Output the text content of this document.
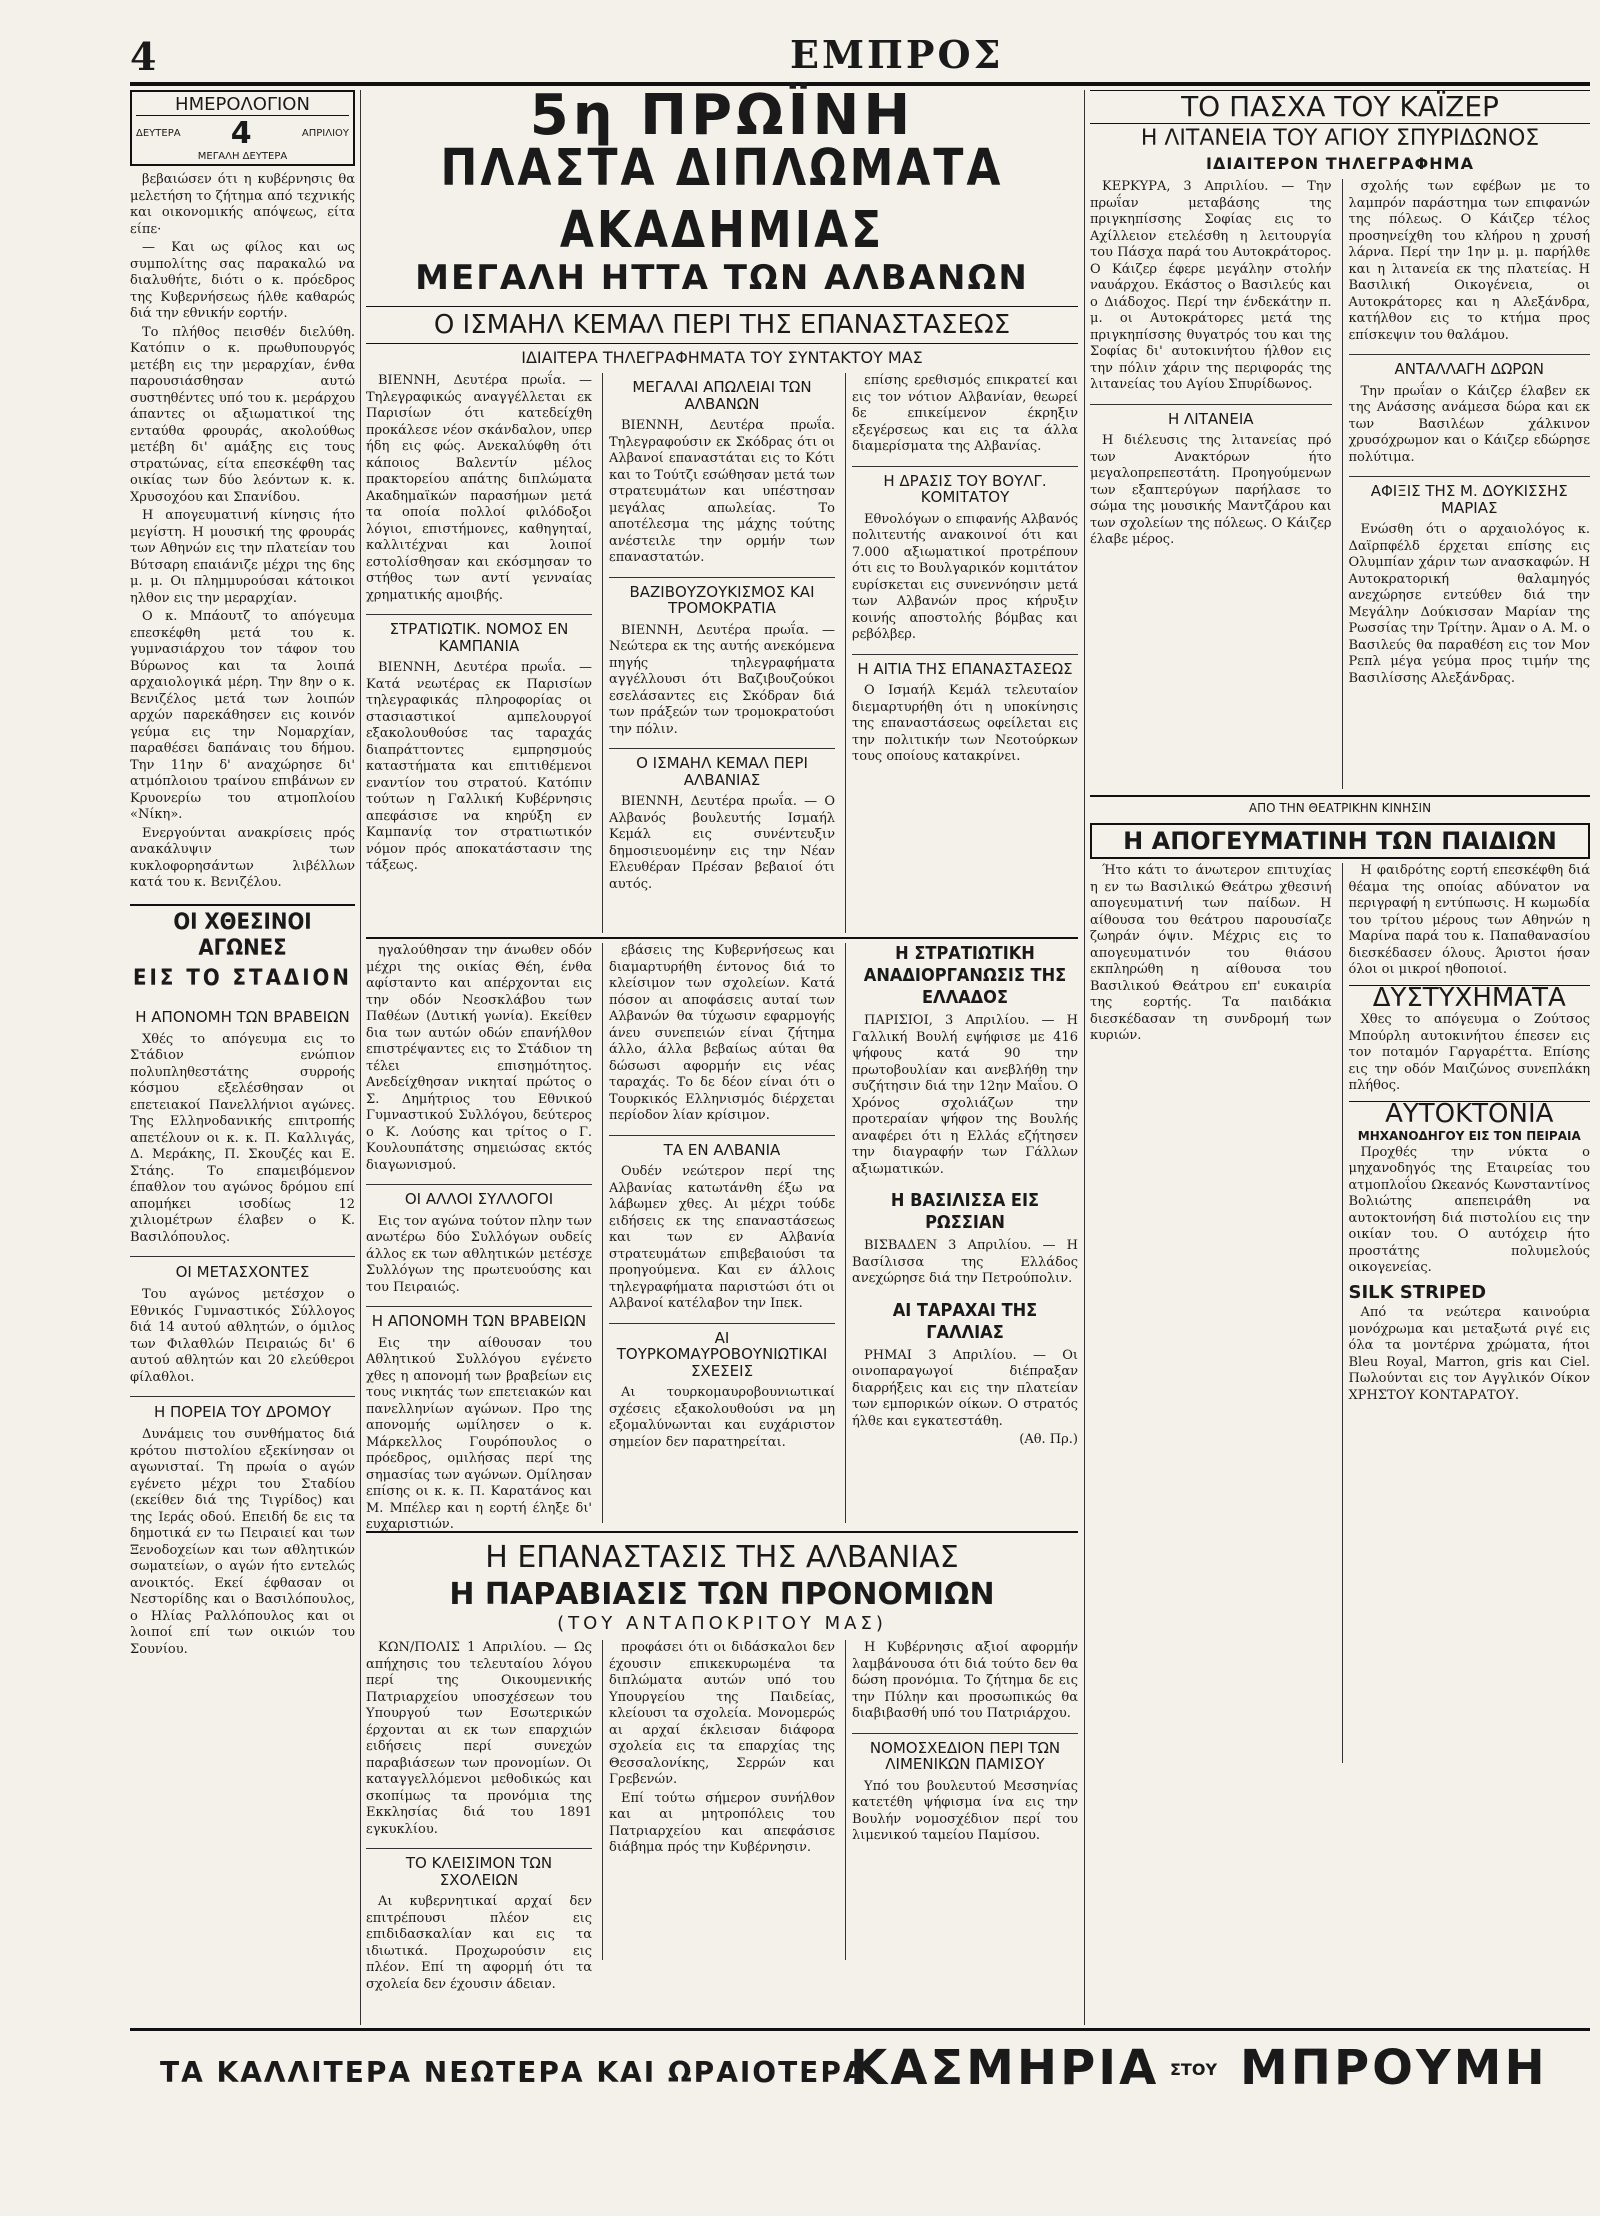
4	ΕΜΠΡΟΣ
ΗΜΕΡΟΛΟΓΙΟΝ
ΔΕΥΤΕΡΑ 4	ΑΠΡΙΛΙΟΥ
ΜΕΓΑΛΗ ΔΕΥΤΕΡΑ

βεβαιώσεν ότι η κυβέρνησις θα μελετήση το ζήτημα από τεχνικής και οικονομικής απόψεως, είτα είπε·

— Και ως φίλος και ως συμπολίτης σας παρακαλώ να διαλυθήτε, διότι ο κ. πρόεδρος της Κυβερνήσεως ήλθε καθαρώς διά την εθνικήν εορτήν.

Το πλήθος πεισθέν διελύθη. Κατόπιν ο κ. πρωθυπουργός μετέβη εις την μεραρχίαν, ένθα παρουσιάσθησαν αυτώ συστηθέντες υπό του κ. μεράρχου άπαντες οι αξιωματικοί της ενταύθα φρουράς, ακολούθως μετέβη δι' αμάξης εις τους στρατώνας, είτα επεσκέφθη τας οικίας των δύο λεόντων κ. κ. Χρυσοχόου και Σπανίδου.

Η απογευματινή κίνησις ήτο μεγίστη. Η μουσική της φρουράς των Αθηνών εις την πλατείαν του Βύτσαρη επαιάνιζε μέχρι της 6ης μ. μ. Οι πλημμυρούσαι κάτοικοι ηλθον εις την μεραρχίαν.

Ο κ. Μπάουτζ το απόγευμα επεσκέφθη μετά του κ. γυμνασιάρχου τον τάφον του Βύρωνος και τα λοιπά αρχαιολογικά μέρη. Την 8ην ο κ. Βενιζέλος μετά των λοιπών αρχών παρεκάθησεν εις κοινόν γεύμα εις την Νομαρχίαν, παραθέσει δαπάναις του δήμου. Την 11ην δ' αναχώρησε δι' ατμόπλοιου τραίνου επιβάνων εν Κρυονερίω του ατμοπλοίου «Νίκη».

Ενεργούνται ανακρίσεις πρός ανακάλυψιν των κυκλοφορησάντων λιβέλλων κατά του κ. Βενιζέλου.

ΟΙ ΧΘΕΣΙΝΟΙ ΑΓΩΝΕΣ
ΕΙΣ ΤΟ ΣΤΑΔΙΟΝ
Η ΑΠΟΝΟΜΗ ΤΩΝ ΒΡΑΒΕΙΩΝ

Χθές το απόγευμα εις το Στάδιον ενώπιον πολυπληθεστάτης συρροής κόσμου εξελέσθησαν οι επετειακοί Πανελλήνιοι αγώνες. Της Ελληνοδανικής επιτροπής απετέλουν οι κ. κ. Π. Καλλιγάς, Δ. Μεράκης, Π. Σκουζές και Ε. Στάης. Το επαμειβόμενον έπαθλον του αγώνος δρόμου επί απομήκει ισοδίως 12 χιλιομέτρων έλαβεν ο Κ. Βασιλόπουλος.

ΟΙ ΜΕΤΑΣΧΟΝΤΕΣ

Του αγώνος μετέσχον ο Εθνικός Γυμναστικός Σύλλογος διά 14 αυτού αθλητών, ο όμιλος των Φιλαθλών Πειραιώς δι' 6 αυτού αθλητών και 20 ελεύθεροι φίλαθλοι.

Η ΠΟΡΕΙΑ ΤΟΥ ΔΡΟΜΟΥ

Δυνάμεις του συνθήματος διά κρότου πιστολίου εξεκίνησαν οι αγωνισταί. Τη πρωία ο αγών εγένετο μέχρι του Σταδίου (εκείθεν διά της Τιγρίδος) και της Ιεράς οδού. Επειδή δε εις τα δημοτικά εν τω Πειραιεί και των Ξενοδοχείων και των αθλητικών σωματείων, ο αγών ήτο εντελώς ανοικτός. Εκεί έφθασαν οι Νεστορίδης και ο Βασιλόπουλος, ο Ηλίας Ραλλόπουλος και οι λοιποί επί των οικιών του Σουνίου.

5η ΠΡΩΪΝΗ
ΠΛΑΣΤΑ ΔΙΠΛΩΜΑΤΑ ΑΚΑΔΗΜΙΑΣ
ΜΕΓΑΛΗ ΗΤΤΑ ΤΩΝ ΑΛΒΑΝΩΝ
Ο ΙΣΜΑΗΛ ΚΕΜΑΛ ΠΕΡΙ ΤΗΣ ΕΠΑΝΑΣΤΑΣΕΩΣ
ΙΔΙΑΙΤΕΡΑ ΤΗΛΕΓΡΑΦΗΜΑΤΑ ΤΟΥ ΣΥΝΤΑΚΤΟΥ ΜΑΣ

ΒΙΕΝΝΗ, Δευτέρα πρωΐα. — Τηλεγραφικώς αναγγέλλεται εκ Παρισίων ότι κατεδείχθη προκάλεσε νέον σκάνδαλον, υπερ ήδη εις φώς. Ανεκαλύφθη ότι κάποιος Βαλεντίν μέλος πρακτορείου απάτης διπλώματα Ακαδημαϊκών παρασήμων μετά τα οποία πολλοί φιλόδοξοι λόγιοι, επιστήμονες, καθηγηταί, καλλιτέχναι και λοιποί εστολίσθησαν και εκόσμησαν το στήθος των αντί γενναίας χρηματικής αμοιβής.

ΣΤΡΑΤΙΩΤΙΚ. ΝΟΜΟΣ ΕΝ ΚΑΜΠΑΝΙΑ

ΒΙΕΝΝΗ, Δευτέρα πρωΐα. — Κατά νεωτέρας εκ Παρισίων τηλεγραφικάς πληροφορίας οι στασιαστικοί αμπελουργοί εξακολουθούσε τας ταραχάς διαπράττοντες εμπρησμούς καταστήματα και επιτιθέμενοι εναντίον του στρατού. Κατόπιν τούτων η Γαλλική Κυβέρνησις απεφάσισε να κηρύξη εν Καμπανίᾳ τον στρατιωτικόν νόμον πρός αποκατάστασιν της τάξεως.

ΜΕΓΑΛΑΙ ΑΠΩΛΕΙΑΙ ΤΩΝ ΑΛΒΑΝΩΝ

ΒΙΕΝΝΗ, Δευτέρα πρωΐα. Τηλεγραφούσιν εκ Σκόδρας ότι οι Αλβανοί επαναστάται εις το Κότι και το Τούτζι εσώθησαν μετά των στρατευμάτων και υπέστησαν μεγάλας απωλείας. Το αποτέλεσμα της μάχης τούτης ανέστειλε την ορμήν των επαναστατών.

ΒΑΖΙΒΟΥΖΟΥΚΙΣΜΟΣ ΚΑΙ ΤΡΟΜΟΚΡΑΤΙΑ

ΒΙΕΝΝΗ, Δευτέρα πρωΐα. — Νεώτερα εκ της αυτής ανεκόμενα πηγής τηλεγραφήματα αγγέλλουσι ότι Βαζιβουζούκοι εσελάσαντες εις Σκόδραν διά των πράξεών των τρομοκρατούσι την πόλιν.

Ο ΙΣΜΑΗΛ ΚΕΜΑΛ ΠΕΡΙ ΑΛΒΑΝΙΑΣ

ΒΙΕΝΝΗ, Δευτέρα πρωΐα. — Ο Αλβανός βουλευτής Ισμαήλ Κεμάλ εις συνέντευξιν δημοσιευομένην εις την Νέαν Ελευθέραν Πρέσαν βεβαιοί ότι αυτός.

επίσης ερεθισμός επικρατεί και εις τον νότιον Αλβανίαν, θεωρεί δε επικείμενον έκρηξιν εξεγέρσεως και εις τα άλλα διαμερίσματα της Αλβανίας.

Η ΔΡΑΣΙΣ ΤΟΥ ΒΟΥΛΓ. ΚΟΜΙΤΑΤΟΥ

Εθνολόγων ο επιφανής Αλβανός πολιτευτής ανακοινοί ότι και 7.000 αξιωματικοί προτρέπουν ότι εις το Βουλγαρικόν κομιτάτον ευρίσκεται εις συνεννόησιν μετά των Αλβανών προς κήρυξιν κοινής αποστολής βόμβας και ρεβόλβερ.

Η ΑΙΤΙΑ ΤΗΣ ΕΠΑΝΑΣΤΑΣΕΩΣ

Ο Ισμαήλ Κεμάλ τελευταίον διεμαρτυρήθη ότι η υποκίνησις της επαναστάσεως οφείλεται εις την πολιτικήν των Νεοτούρκων τους οποίους κατακρίνει.

ηγαλούθησαν την άνωθεν οδόν μέχρι της οικίας Θέη, ένθα αφίσταντο και απέρχονται εις την οδόν Νεοσκλάβου των Παθέων (Δυτική γωνία). Εκείθεν δια των αυτών οδών επανήλθον επιστρέψαντες εις το Στάδιον τη τέλει επισημότητος. Ανεδείχθησαν νικηταί πρώτος ο Σ. Δημήτριος του Εθνικού Γυμναστικού Συλλόγου, δεύτερος ο Κ. Λούσης και τρίτος ο Γ. Κουλουπάτσης σημειώσας εκτός διαγωνισμού.

ΟΙ ΑΛΛΟΙ ΣΥΛΛΟΓΟΙ

Εις τον αγώνα τούτον πλην των ανωτέρω δύο Συλλόγων ουδείς άλλος εκ των αθλητικών μετέσχε Συλλόγων της πρωτευούσης και του Πειραιώς.

Η ΑΠΟΝΟΜΗ ΤΩΝ ΒΡΑΒΕΙΩΝ

Εις την αίθουσαν του Αθλητικού Συλλόγου εγένετο χθες η απονομή των βραβείων εις τους νικητάς των επετειακών και πανελληνίων αγώνων. Προ της απονομής ωμίλησεν ο κ. Μάρκελλος Γουρόπουλος ο πρόεδρος, ομιλήσας περί της σημασίας των αγώνων. Ομίλησαν επίσης οι κ. κ. Π. Καρατάνος και Μ. Μπέλερ και η εορτή έληξε δι' ευχαριστιών.

εβάσεις της Κυβερνήσεως και διαμαρτυρήθη έντονος διά το κλείσιμον των σχολείων. Κατά πόσον αι αποφάσεις αυταί των Αλβανών θα τύχωσιν εφαρμογής άνευ συνεπειών είναι ζήτημα άλλο, άλλα βεβαίως αύται θα δώσωσι αφορμήν εις νέας ταραχάς. Το δε δέον είναι ότι ο Τουρκικός Ελληνισμός διέρχεται περίοδον λίαν κρίσιμον.

ΤΑ ΕΝ ΑΛΒΑΝΙΑ

Ουδέν νεώτερον περί της Αλβανίας κατωτάνθη έξω να λάβωμεν χθες. Αι μέχρι τούδε ειδήσεις εκ της επαναστάσεως και των εν Αλβανία στρατευμάτων επιβεβαιούσι τα προηγούμενα. Και εν άλλοις τηλεγραφήματα παριστώσι ότι οι Αλβανοί κατέλαβον την Ιπεκ.

ΑΙ ΤΟΥΡΚΟΜΑΥΡΟΒΟΥΝΙΩΤΙΚΑΙ ΣΧΕΣΕΙΣ

Αι τουρκομαυροβουνιωτικαί σχέσεις εξακολουθούσι να μη εξομαλύνωνται και ευχάριστον σημείον δεν παρατηρείται.

Η ΣΤΡΑΤΙΩΤΙΚΗ ΑΝΑΔΙΟΡΓΑΝΩΣΙΣ ΤΗΣ ΕΛΛΑΔΟΣ

ΠΑΡΙΣΙΟΙ, 3 Απριλίου. — Η Γαλλική Βουλή εψήφισε με 416 ψήφους κατά 90 την πρωτοβουλίαν και ανεβλήθη την συζήτησιν διά την 12ην Μαΐου. Ο Χρόνος σχολιάζων την προτεραίαν ψήφον της Βουλής αναφέρει ότι η Ελλάς εζήτησεν την διαγραφήν των Γάλλων αξιωματικών.

Η ΒΑΣΙΛΙΣΣΑ ΕΙΣ ΡΩΣΣΙΑΝ

ΒΙΣΒΑΔΕΝ 3 Απριλίου. — Η Βασίλισσα της Ελλάδος ανεχώρησε διά την Πετρούπολιν.

ΑΙ ΤΑΡΑΧΑΙ ΤΗΣ ΓΑΛΛΙΑΣ

ΡΗΜΑΙ 3 Απριλίου. — Οι οινοπαραγωγοί διέπραξαν διαρρήξεις και εις την πλατείαν των εμπορικών οίκων. Ο στρατός ήλθε και εγκατεστάθη.

(Αθ. Πρ.)

Η ΕΠΑΝΑΣΤΑΣΙΣ ΤΗΣ ΑΛΒΑΝΙΑΣ
Η ΠΑΡΑΒΙΑΣΙΣ ΤΩΝ ΠΡΟΝΟΜΙΩΝ
(ΤΟΥ ΑΝΤΑΠΟΚΡΙΤΟΥ ΜΑΣ)

ΚΩΝ/ΠΟΛΙΣ 1 Απριλίου. — Ως απήχησις του τελευταίου λόγου περί της Οικουμενικής Πατριαρχείου υποσχέσεων του Υπουργού των Εσωτερικών έρχονται αι εκ των επαρχιών ειδήσεις περί συνεχών παραβιάσεων των προνομίων. Οι καταγγελλόμενοι μεθοδικώς και σκοπίμως τα προνόμια της Εκκλησίας διά του 1891 εγκυκλίου.

ΤΟ ΚΛΕΙΣΙΜΟΝ ΤΩΝ ΣΧΟΛΕΙΩΝ

Αι κυβερνητικαί αρχαί δεν επιτρέπουσι πλέον εις επιδιδασκαλίαν και εις τα ιδιωτικά. Προχωρούσιν εις πλέον. Επί τη αφορμή ότι τα σχολεία δεν έχουσιν άδειαν.

προφάσει ότι οι διδάσκαλοι δεν έχουσιν επικεκυρωμένα τα διπλώματα αυτών υπό του Υπουργείου της Παιδείας, κλείουσι τα σχολεία. Μονομερώς αι αρχαί έκλεισαν διάφορα σχολεία εις τα επαρχίας της Θεσσαλονίκης, Σερρών και Γρεβενών.

Επί τούτω σήμερον συνήλθον και αι μητροπόλεις του Πατριαρχείου και απεφάσισε διάβημα πρός την Κυβέρνησιν.

Η Κυβέρνησις αξιοί αφορμήν λαμβάνουσα ότι διά τούτο δεν θα δώση προνόμια. Το ζήτημα δε εις την Πύλην και προσωπικώς θα διαβιβασθή υπό του Πατριάρχου.

ΝΟΜΟΣΧΕΔΙΟΝ ΠΕΡΙ ΤΩΝ ΛΙΜΕΝΙΚΩΝ ΠΑΜΙΣΟΥ

Υπό του βουλευτού Μεσσηνίας κατετέθη ψήφισμα ίνα εις την Βουλήν νομοσχέδιον περί του λιμενικού ταμείου Παμίσου.

ΤΟ ΠΑΣΧΑ ΤΟΥ ΚΑΪΖΕΡ
Η ΛΙΤΑΝΕΙΑ ΤΟΥ ΑΓΙΟΥ ΣΠΥΡΙΔΩΝΟΣ
ΙΔΙΑΙΤΕΡΟΝ ΤΗΛΕΓΡΑΦΗΜΑ

ΚΕΡΚΥΡΑ, 3 Απριλίου. — Την πρωΐαν μεταβάσης της πριγκηπίσσης Σοφίας εις το Αχίλλειον ετελέσθη η λειτουργία του Πάσχα παρά του Αυτοκράτορος. Ο Κάιζερ έφερε μεγάλην στολήν ναυάρχου. Εκάστος ο Βασιλεύς και ο Διάδοχος. Περί την ένδεκάτην π. μ. οι Αυτοκράτορες μετά της πριγκηπίσσης θυγατρός του και της Σοφίας δι' αυτοκινήτου ήλθον εις την πόλιν χάριν της περιφοράς της λιτανείας του Αγίου Σπυρίδωνος.

Η ΛΙΤΑΝΕΙΑ

Η διέλευσις της λιτανείας πρό των Ανακτόρων ήτο μεγαλοπρεπεστάτη. Προηγούμενων των εξαπτερύγων παρήλασε το σώμα της μουσικής Μαντζάρου και των σχολείων της πόλεως. Ο Κάιζερ έλαβε μέρος.

σχολής των εφέβων με το λαμπρόν παράστημα των επιφανών της πόλεως. Ο Κάιζερ τέλος προσηνείχθη του κλήρου η χρυσή λάρνα. Περί την 1ην μ. μ. παρήλθε και η λιτανεία εκ της πλατείας. Η Βασιλική Οικογένεια, οι Αυτοκράτορες και η Αλεξάνδρα, κατήλθον εις το κτήμα προς επίσκεψιν του θαλάμου.

ΑΝΤΑΛΛΑΓΗ ΔΩΡΩΝ

Την πρωΐαν ο Κάιζερ έλαβεν εκ της Ανάσσης ανάμεσα δώρα και εκ των Βασιλέων χάλκινον χρυσόχρωμον και ο Κάιζερ εδώρησε πολύτιμα.

ΑΦΙΞΙΣ ΤΗΣ Μ. ΔΟΥΚΙΣΣΗΣ ΜΑΡΙΑΣ

Ενώσθη ότι ο αρχαιολόγος κ. Δαϊρπφέλδ έρχεται επίσης εις Ολυμπίαν χάριν των ανασκαφών. Η Αυτοκρατορική θαλαμηγός ανεχώρησε εντεύθεν διά την Μεγάλην Δούκισσαν Μαρίαν της Ρωσσίας την Τρίτην. Άμαν ο Α. Μ. ο Βασιλεύς θα παραθέση εις τον Μον Ρεπλ μέγα γεύμα προς τιμήν της Βασιλίσσης Αλεξάνδρας.

ΑΠΟ ΤΗΝ ΘΕΑΤΡΙΚΗΝ ΚΙΝΗΣΙΝ
Η ΑΠΟΓΕΥΜΑΤΙΝΗ ΤΩΝ ΠΑΙΔΙΩΝ

Ήτο κάτι το άνωτερον επιτυχίας η εν τω Βασιλικώ Θεάτρω χθεσινή απογευματινή των παίδων. Η αίθουσα του θεάτρου παρουσίαζε ζωηράν όψιν. Μέχρις εις το απογευματινόν του θιάσου εκπληρώθη η αίθουσα του Βασιλικού Θεάτρου επ' ευκαιρία της εορτής. Τα παιδάκια διεσκέδασαν τη συνδρομή των κυριών.

Η φαιδρότης εορτή επεσκέφθη διά θέαμα της οποίας αδύνατον να περιγραφή η εντύπωσις. Η κωμωδία του τρίτου μέρους των Αθηνών η Μαρίνα παρά του κ. Παπαθανασίου διεσκέδασεν όλους. Άριστοι ήσαν όλοι οι μικροί ηθοποιοί.

ΔΥΣΤΥΧΗΜΑΤΑ

Χθες το απόγευμα ο Ζούτσος Μπούρλη αυτοκινήτου έπεσεν εις τον ποταμόν Γαργαρέττα. Επίσης εις την οδόν Μαιζώνος συνεπλάκη πλήθος.

ΑΥΤΟΚΤΟΝΙΑ
ΜΗΧΑΝΟΔΗΓΟΥ ΕΙΣ ΤΟΝ ΠΕΙΡΑΙΑ

Προχθές την νύκτα ο μηχανοδηγός της Εταιρείας του ατμοπλοΐου Ωκεανός Κωνσταντίνος Βολιώτης απεπειράθη να αυτοκτονήση διά πιστολίου εις την οικίαν του. Ο αυτόχειρ ήτο προστάτης πολυμελούς οικογενείας.

SILK STRIPED

Από τα νεώτερα καινούρια μονόχρωμα και μεταξωτά ριγέ εις όλα τα μοντέρνα χρώματα, ήτοι Bleu Royal, Marron, gris και Ciel. Πωλούνται εις τον Αγγλικόν Οίκον ΧΡΗΣΤΟΥ ΚΟΝΤΑΡΑΤΟΥ.

ΤΑ ΚΑΛΛΙΤΕΡΑ ΝΕΩΤΕΡΑ ΚΑΙ ΩΡΑΙΟΤΕΡΑ
ΚΑΣΜΗΡΙΑ ΣΤΟΥ ΜΠΡΟΥΜΗ
